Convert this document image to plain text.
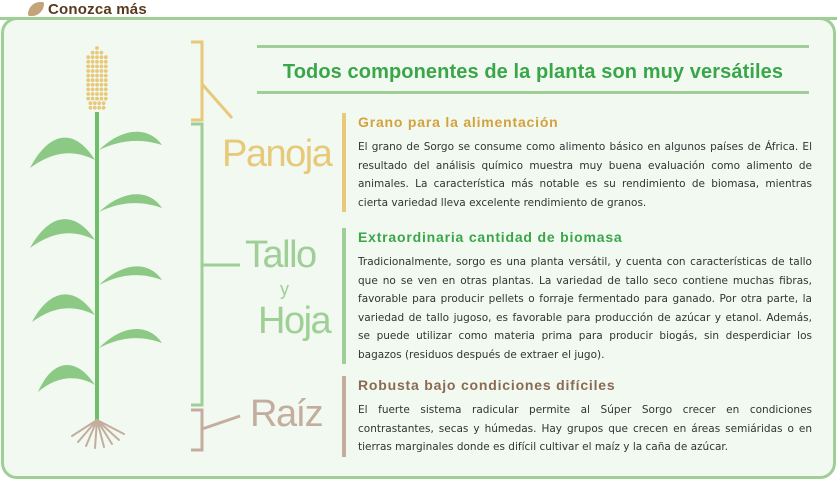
Conozca más
Todos componentes de la planta son muy versátiles
Panoja
Tallo
y
Hoja
Raíz
Grano para la alimentación
El grano de Sorgo se consume como alimento básico en algunos países de África. El resultado del análisis químico muestra muy buena evaluación como alimento de animales. La característica más notable es su rendimiento de biomasa, mientras cierta variedad lleva excelente rendimiento de granos.
Extraordinaria cantidad de biomasa
Tradicionalmente, sorgo es una planta versátil, y cuenta con características de tallo que no se ven en otras plantas. La variedad de tallo seco contiene muchas fibras, favorable para producir pellets o forraje fermentado para ganado. Por otra parte, la variedad de tallo jugoso, es favorable para producción de azúcar y etanol. Además, se puede utilizar como materia prima para producir biogás, sin desperdiciar los bagazos (residuos después de extraer el jugo).
Robusta bajo condiciones difíciles
El fuerte sistema radicular permite al Súper Sorgo crecer en condiciones contrastantes, secas y húmedas. Hay grupos que crecen en áreas semiáridas o en tierras marginales donde es difícil cultivar el maíz y la caña de azúcar.
